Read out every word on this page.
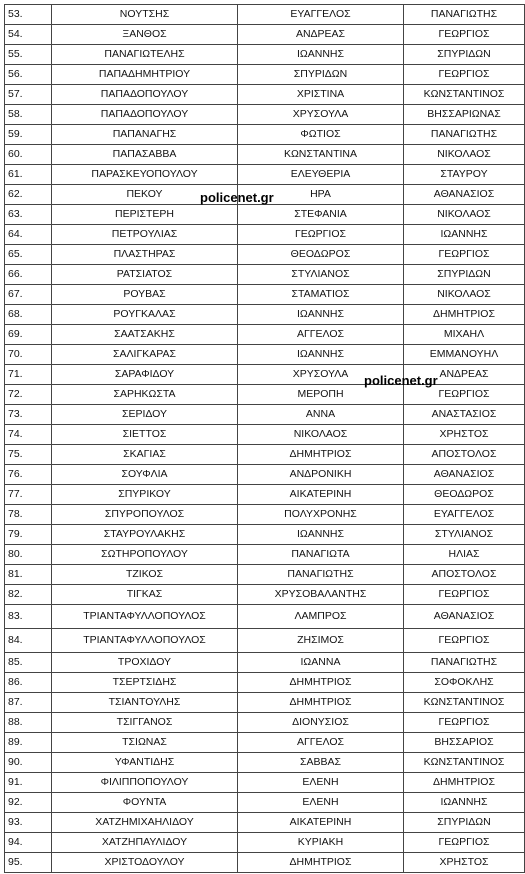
53.	ΝΟΥΤΣΗΣ	ΕΥΑΓΓΕΛΟΣ	ΠΑΝΑΓΙΩΤΗΣ
54.	ΞΑΝΘΟΣ	ΑΝΔΡΕΑΣ	ΓΕΩΡΓΙΟΣ
55.	ΠΑΝΑΓΙΩΤΕΛΗΣ	ΙΩΑΝΝΗΣ	ΣΠΥΡΙΔΩΝ
56.	ΠΑΠΑΔΗΜΗΤΡΙΟΥ	ΣΠΥΡΙΔΩΝ	ΓΕΩΡΓΙΟΣ
57.	ΠΑΠΑΔΟΠΟΥΛΟΥ	ΧΡΙΣΤΙΝΑ	ΚΩΝΣΤΑΝΤΙΝΟΣ
58.	ΠΑΠΑΔΟΠΟΥΛΟΥ	ΧΡΥΣΟΥΛΑ	ΒΗΣΣΑΡΙΩΝΑΣ
59.	ΠΑΠΑΝΑΓΗΣ	ΦΩΤΙΟΣ	ΠΑΝΑΓΙΩΤΗΣ
60.	ΠΑΠΑΣΑΒΒΑ	ΚΩΝΣΤΑΝΤΙΝΑ	ΝΙΚΟΛΑΟΣ
61.	ΠΑΡΑΣΚΕΥΟΠΟΥΛΟΥ	ΕΛΕΥΘΕΡΙΑ	ΣΤΑΥΡΟΥ
62.	ΠΕΚΟΥ	ΗΡΑ	ΑΘΑΝΑΣΙΟΣ
63.	ΠΕΡΙΣΤΕΡΗ	ΣΤΕΦΑΝΙΑ	ΝΙΚΟΛΑΟΣ
64.	ΠΕΤΡΟΥΛΙΑΣ	ΓΕΩΡΓΙΟΣ	ΙΩΑΝΝΗΣ
65.	ΠΛΑΣΤΗΡΑΣ	ΘΕΟΔΩΡΟΣ	ΓΕΩΡΓΙΟΣ
66.	ΡΑΤΣΙΑΤΟΣ	ΣΤΥΛΙΑΝΟΣ	ΣΠΥΡΙΔΩΝ
67.	ΡΟΥΒΑΣ	ΣΤΑΜΑΤΙΟΣ	ΝΙΚΟΛΑΟΣ
68.	ΡΟΥΓΚΑΛΑΣ	ΙΩΑΝΝΗΣ	ΔΗΜΗΤΡΙΟΣ
69.	ΣΑΑΤΣΑΚΗΣ	ΑΓΓΕΛΟΣ	ΜΙΧΑΗΛ
70.	ΣΑΛΙΓΚΑΡΑΣ	ΙΩΑΝΝΗΣ	ΕΜΜΑΝΟΥΗΛ
71.	ΣΑΡΑΦΙΔΟΥ	ΧΡΥΣΟΥΛΑ	ΑΝΔΡΕΑΣ
72.	ΣΑΡΗΚΩΣΤΑ	ΜΕΡΟΠΗ	ΓΕΩΡΓΙΟΣ
73.	ΣΕΡΙΔΟΥ	ΑΝΝΑ	ΑΝΑΣΤΑΣΙΟΣ
74.	ΣΙΕΤΤΟΣ	ΝΙΚΟΛΑΟΣ	ΧΡΗΣΤΟΣ
75.	ΣΚΑΓΙΑΣ	ΔΗΜΗΤΡΙΟΣ	ΑΠΟΣΤΟΛΟΣ
76.	ΣΟΥΦΛΙΑ	ΑΝΔΡΟΝΙΚΗ	ΑΘΑΝΑΣΙΟΣ
77.	ΣΠΥΡΙΚΟΥ	ΑΙΚΑΤΕΡΙΝΗ	ΘΕΟΔΩΡΟΣ
78.	ΣΠΥΡΟΠΟΥΛΟΣ	ΠΟΛΥΧΡΟΝΗΣ	ΕΥΑΓΓΕΛΟΣ
79.	ΣΤΑΥΡΟΥΛΑΚΗΣ	ΙΩΑΝΝΗΣ	ΣΤΥΛΙΑΝΟΣ
80.	ΣΩΤΗΡΟΠΟΥΛΟΥ	ΠΑΝΑΓΙΩΤΑ	ΗΛΙΑΣ
81.	ΤΖΙΚΟΣ	ΠΑΝΑΓΙΩΤΗΣ	ΑΠΟΣΤΟΛΟΣ
82.	ΤΙΓΚΑΣ	ΧΡΥΣΟΒΑΛΑΝΤΗΣ	ΓΕΩΡΓΙΟΣ
83.	ΤΡΙΑΝΤΑΦΥΛΛΟΠΟΥΛΟΣ	ΛΑΜΠΡΟΣ	ΑΘΑΝΑΣΙΟΣ
84.	ΤΡΙΑΝΤΑΦΥΛΛΟΠΟΥΛΟΣ	ΖΗΣΙΜΟΣ	ΓΕΩΡΓΙΟΣ
85.	ΤΡΟΧΙΔΟΥ	ΙΩΑΝΝΑ	ΠΑΝΑΓΙΩΤΗΣ
86.	ΤΣΕΡΤΣΙΔΗΣ	ΔΗΜΗΤΡΙΟΣ	ΣΟΦΟΚΛΗΣ
87.	ΤΣΙΑΝΤΟΥΛΗΣ	ΔΗΜΗΤΡΙΟΣ	ΚΩΝΣΤΑΝΤΙΝΟΣ
88.	ΤΣΙΓΓΑΝΟΣ	ΔΙΟΝΥΣΙΟΣ	ΓΕΩΡΓΙΟΣ
89.	ΤΣΙΩΝΑΣ	ΑΓΓΕΛΟΣ	ΒΗΣΣΑΡΙΟΣ
90.	ΥΦΑΝΤΙΔΗΣ	ΣΑΒΒΑΣ	ΚΩΝΣΤΑΝΤΙΝΟΣ
91.	ΦΙΛΙΠΠΟΠΟΥΛΟΥ	ΕΛΕΝΗ	ΔΗΜΗΤΡΙΟΣ
92.	ΦΟΥΝΤΑ	ΕΛΕΝΗ	ΙΩΑΝΝΗΣ
93.	ΧΑΤΖΗΜΙΧΑΗΛΙΔΟΥ	ΑΙΚΑΤΕΡΙΝΗ	ΣΠΥΡΙΔΩΝ
94.	ΧΑΤΖΗΠΑΥΛΙΔΟΥ	ΚΥΡΙΑΚΗ	ΓΕΩΡΓΙΟΣ
95.	ΧΡΙΣΤΟΔΟΥΛΟΥ	ΔΗΜΗΤΡΙΟΣ	ΧΡΗΣΤΟΣ
policenet.gr
policenet.gr
